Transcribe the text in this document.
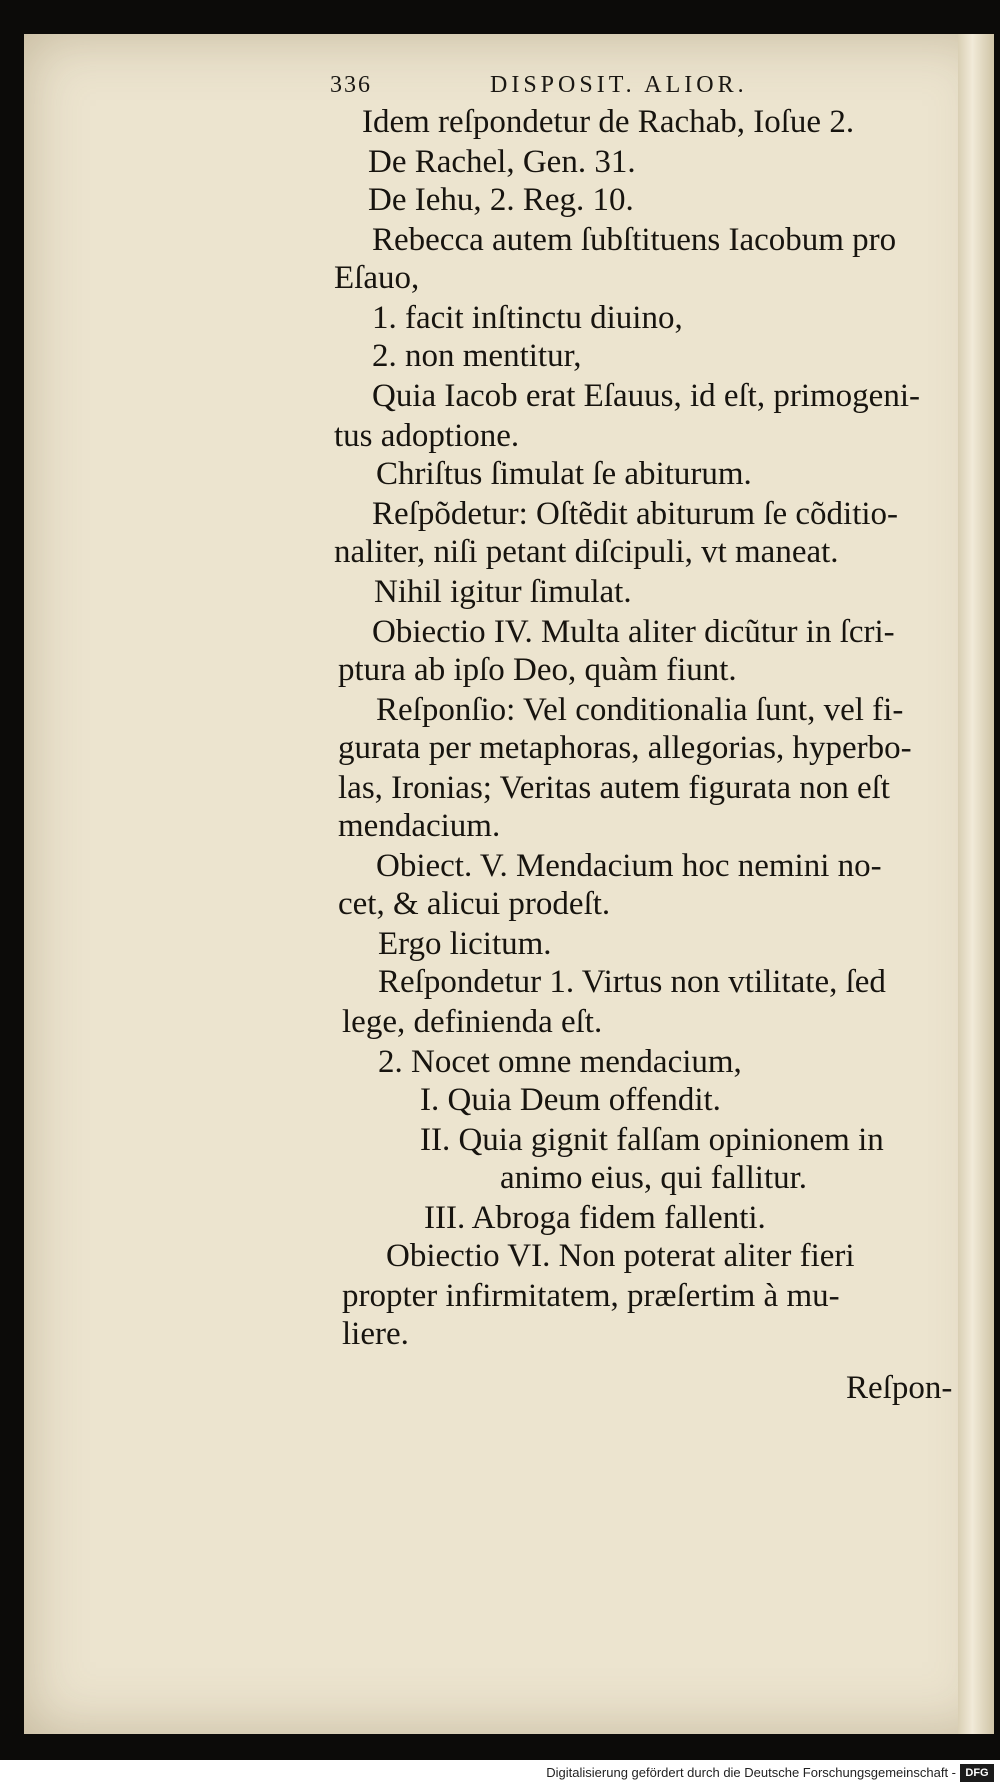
336	DISPOSIT. ALIOR.
Idem reſpondetur de Rachab, Ioſue 2.
De Rachel, Gen. 31.
De Iehu, 2. Reg. 10.
Rebecca autem ſubſtituens Iacobum pro
Eſauo,
1. facit inſtinctu diuino,
2. non mentitur,
Quia Iacob erat Eſauus, id eſt, primogeni-
tus adoptione.
Chriſtus ſimulat ſe abiturum.
Reſpõdetur: Oſtẽdit abiturum ſe cõditio-
naliter, niſi petant diſcipuli, vt maneat.
Nihil igitur ſimulat.
Obiectio IV. Multa aliter dicũtur in ſcri-
ptura ab ipſo Deo, quàm fiunt.
Reſponſio: Vel conditionalia ſunt, vel fi-
gurata per metaphoras, allegorias, hyperbo-
las, Ironias; Veritas autem figurata non eſt
mendacium.
Obiect. V. Mendacium hoc nemini no-
cet, & alicui prodeſt.
Ergo licitum.
Reſpondetur 1. Virtus non vtilitate, ſed
lege, definienda eſt.
2. Nocet omne mendacium,
I. Quia Deum offendit.
II. Quia gignit falſam opinionem in
animo eius, qui fallitur.
III. Abroga fidem fallenti.
Obiectio VI. Non poterat aliter fieri
propter infirmitatem, præſertim à mu-
liere.
Reſpon-
Digitalisierung gefördert durch die Deutsche Forschungsgemeinschaft - DFG
